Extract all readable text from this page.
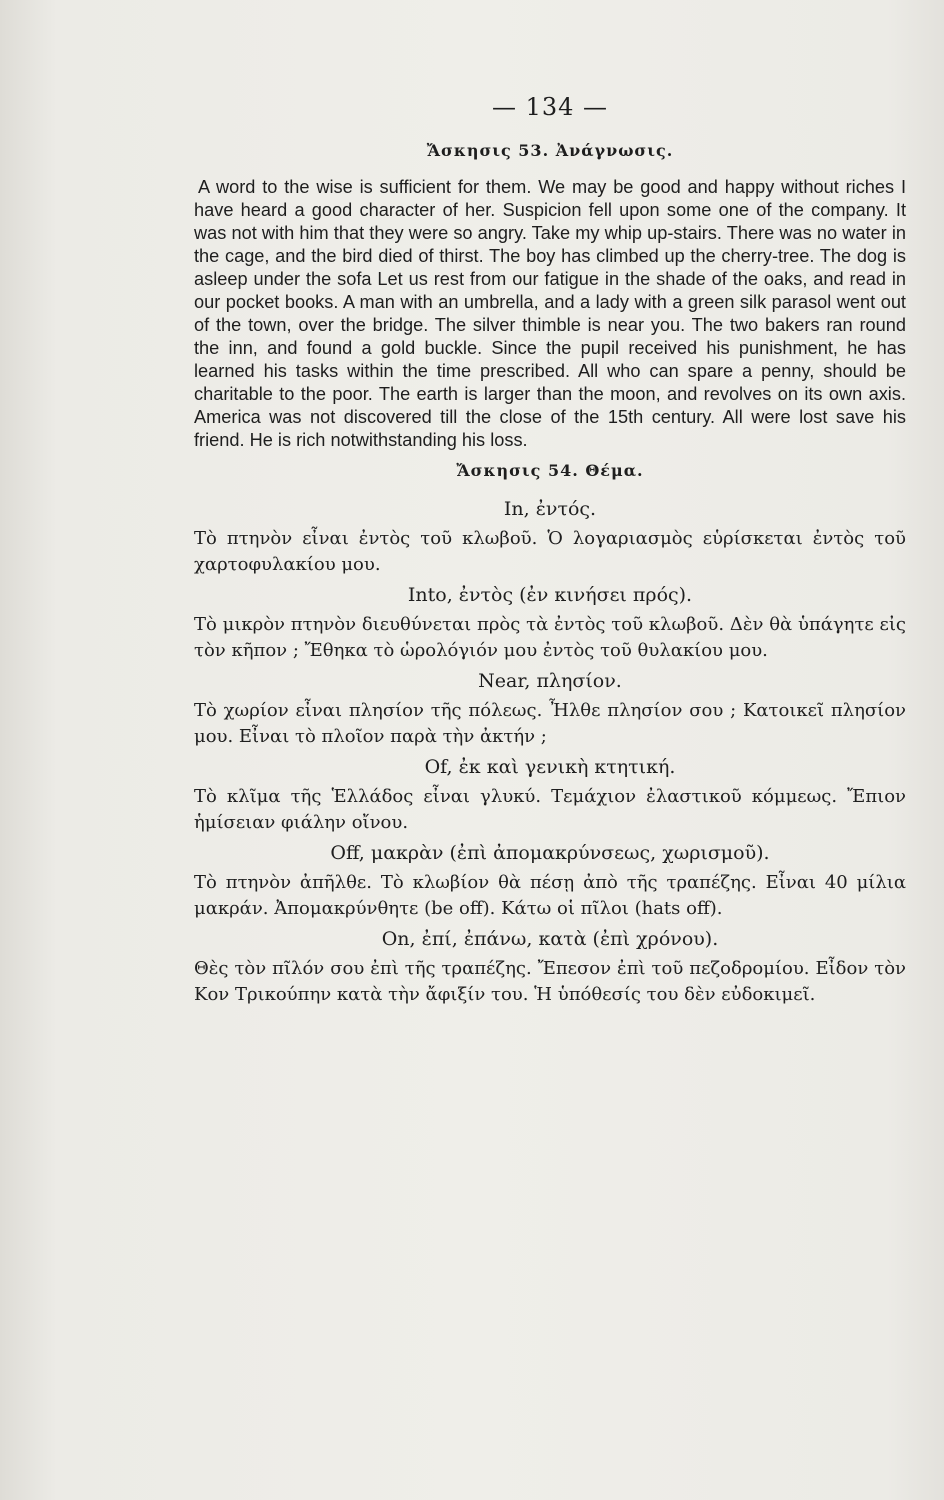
— 134 —
Ἄσκησις 53. Ἀνάγνωσις.

A word to the wise is sufficient for them. We may be good and happy without riches I have heard a good character of her. Suspicion fell upon some one of the company. It was not with him that they were so angry. Take my whip up-stairs. There was no water in the cage, and the bird died of thirst. The boy has climbed up the cherry-tree. The dog is asleep under the sofa Let us rest from our fatigue in the shade of the oaks, and read in our pocket books. A man with an umbrella, and a lady with a green silk parasol went out of the town, over the bridge. The silver thimble is near you. The two bakers ran round the inn, and found a gold buckle. Since the pupil received his punishment, he has learned his tasks within the time prescribed. All who can spare a penny, should be charitable to the poor. The earth is larger than the moon, and revolves on its own axis. America was not discovered till the close of the 15th century. All were lost save his friend. He is rich notwithstanding his loss.

Ἄσκησις 54. Θέμα.
In, ἐντός.

Τὸ πτηνὸν εἶναι ἐντὸς τοῦ κλωβοῦ. Ὁ λογαριασμὸς εὑρίσκεται ἐντὸς τοῦ χαρτοφυλακίου μου.

Into, ἐντὸς (ἐν κινήσει πρός).

Τὸ μικρὸν πτηνὸν διευθύνεται πρὸς τὰ ἐντὸς τοῦ κλωβοῦ. Δὲν θὰ ὑπάγητε εἰς τὸν κῆπον ; Ἔθηκα τὸ ὡρολόγιόν μου ἐντὸς τοῦ θυλακίου μου.

Near, πλησίον.

Τὸ χωρίον εἶναι πλησίον τῆς πόλεως. Ἦλθε πλησίον σου ; Κατοικεῖ πλησίον μου. Εἶναι τὸ πλοῖον παρὰ τὴν ἀκτήν ;

Of, ἐκ καὶ γενικὴ κτητική.

Τὸ κλῖμα τῆς Ἑλλάδος εἶναι γλυκύ. Τεμάχιον ἐλαστικοῦ κόμμεως. Ἔπιον ἡμίσειαν φιάλην οἴνου.

Off, μακρὰν (ἐπὶ ἀπομακρύνσεως, χωρισμοῦ).

Τὸ πτηνὸν ἀπῆλθε. Τὸ κλωβίον θὰ πέσῃ ἀπὸ τῆς τραπέζης. Εἶναι 40 μίλια μακράν. Ἀπομακρύνθητε (be off). Κάτω οἱ πῖλοι (hats off).

On, ἐπί, ἐπάνω, κατὰ (ἐπὶ χρόνου).

Θὲς τὸν πῖλόν σου ἐπὶ τῆς τραπέζης. Ἔπεσον ἐπὶ τοῦ πεζοδρομίου. Εἶδον τὸν Κον Τρικούπην κατὰ τὴν ἄφιξίν του. Ἡ ὑπόθεσίς του δὲν εὐδοκιμεῖ.
